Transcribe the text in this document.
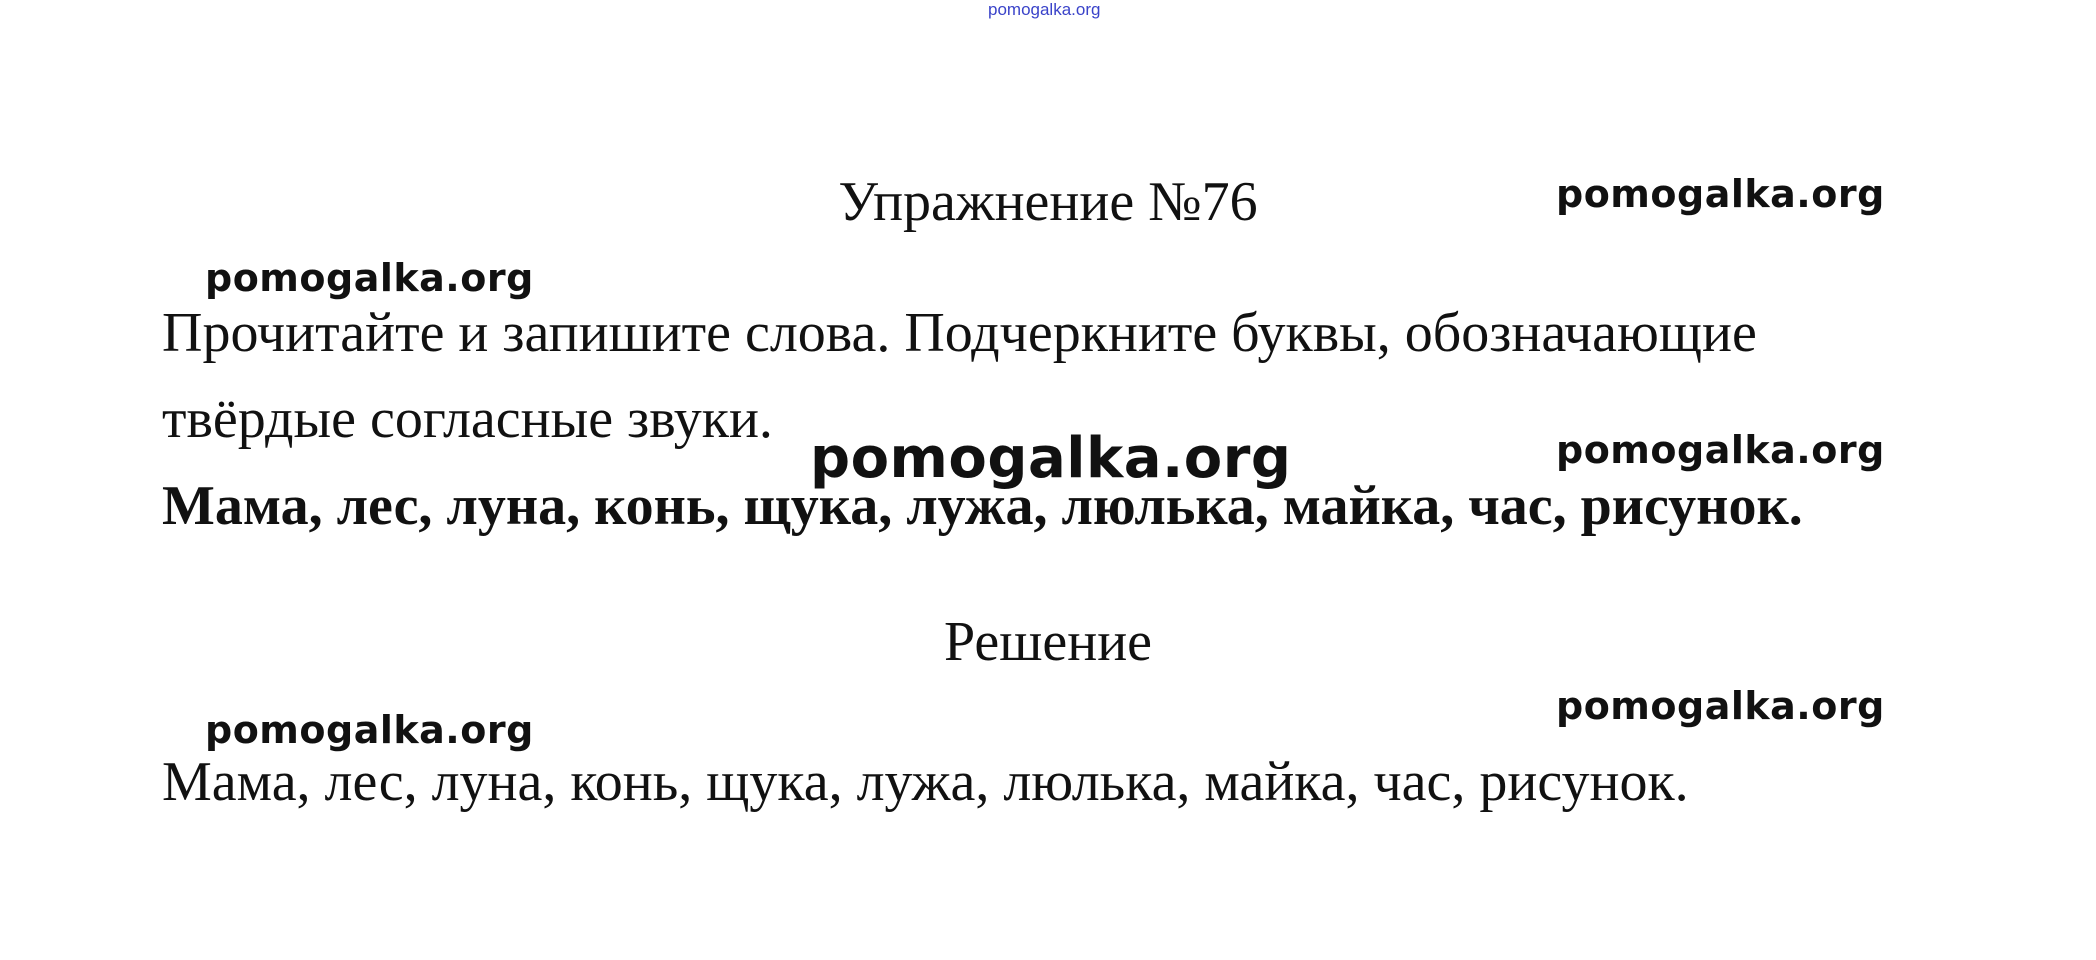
pomogalka.org
Упражнение №76
Прочитайте и запишите слова. Подчеркните буквы, обозначающие
твёрдые согласные звуки.
Мама, лес, луна, конь, щука, лужа, люлька, майка, час, рисунок.
Решение
Мама, лес, луна, конь, щука, лужа, люлька, майка, час, рисунок.
pomogalka.org
pomogalka.org
pomogalka.org	pomogalka.org
pomogalka.org
pomogalka.org
